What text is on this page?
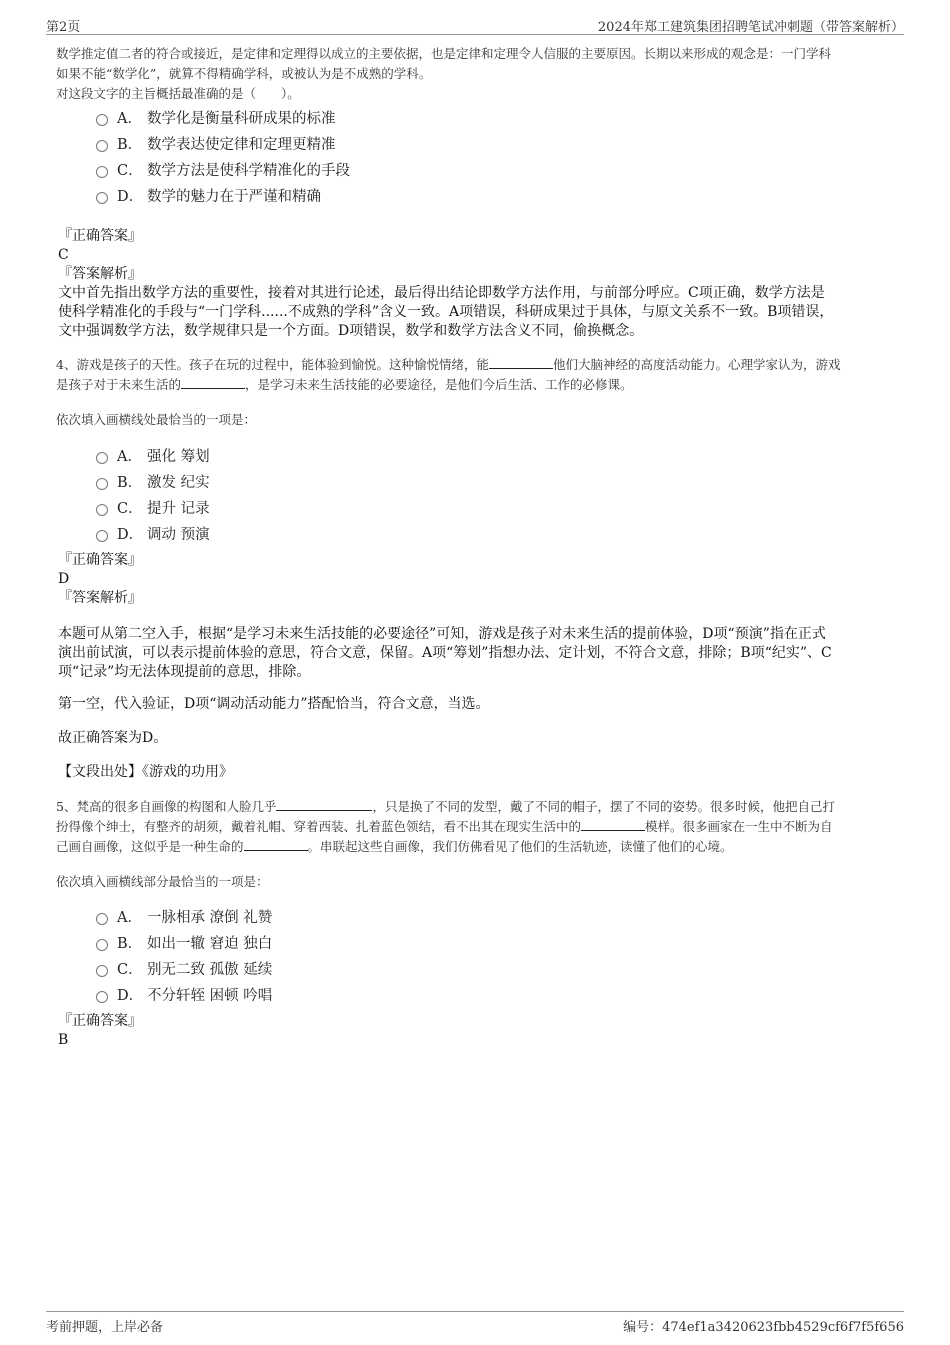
第2页	2024年郑工建筑集团招聘笔试冲刺题（带答案解析）
数学推定值二者的符合或接近，是定律和定理得以成立的主要依据，也是定律和定理令人信服的主要原因。长期以来形成的观念是：一门学科
如果不能“数学化”，就算不得精确学科，或被认为是不成熟的学科。
对这段文字的主旨概括最准确的是（　　）。
A． 数学化是衡量科研成果的标准
B． 数学表达使定律和定理更精准
C． 数学方法是使科学精准化的手段
D． 数学的魅力在于严谨和精确
『正确答案』
C
『答案解析』
文中首先指出数学方法的重要性，接着对其进行论述，最后得出结论即数学方法作用，与前部分呼应。C项正确，数学方法是
使科学精准化的手段与“一门学科......不成熟的学科”含义一致。A项错误，科研成果过于具体，与原文关系不一致。B项错误，
文中强调数学方法，数学规律只是一个方面。D项错误，数学和数学方法含义不同，偷换概念。
4、游戏是孩子的天性。孩子在玩的过程中，能体验到愉悦。这种愉悦情绪，能	他们大脑神经的高度活动能力。心理学家认为，游戏
是孩子对于未来生活的	，是学习未来生活技能的必要途径，是他们今后生活、工作的必修课。
依次填入画横线处最恰当的一项是：
A． 强化 筹划
B． 激发 纪实
C． 提升 记录
D． 调动 预演
『正确答案』
D
『答案解析』
本题可从第二空入手，根据“是学习未来生活技能的必要途径”可知，游戏是孩子对未来生活的提前体验，D项“预演”指在正式
演出前试演，可以表示提前体验的意思，符合文意，保留。A项“筹划”指想办法、定计划，不符合文意，排除；B项“纪实”、C
项“记录”均无法体现提前的意思，排除。
第一空，代入验证，D项“调动活动能力”搭配恰当，符合文意，当选。
故正确答案为D。
【文段出处】《游戏的功用》
5、梵高的很多自画像的构图和人脸几乎	，只是换了不同的发型，戴了不同的帽子，摆了不同的姿势。很多时候，他把自己打
扮得像个绅士，有整齐的胡须，戴着礼帽、穿着西装、扎着蓝色领结，看不出其在现实生活中的	模样。很多画家在一生中不断为自
己画自画像，这似乎是一种生命的	。串联起这些自画像，我们仿佛看见了他们的生活轨迹，读懂了他们的心境。
依次填入画横线部分最恰当的一项是：
A． 一脉相承 潦倒 礼赞
B． 如出一辙 窘迫 独白
C． 别无二致 孤傲 延续
D． 不分轩轾 困顿 吟唱
『正确答案』
B
考前押题，上岸必备	编号：474ef1a3420623fbb4529cf6f7f5f656
